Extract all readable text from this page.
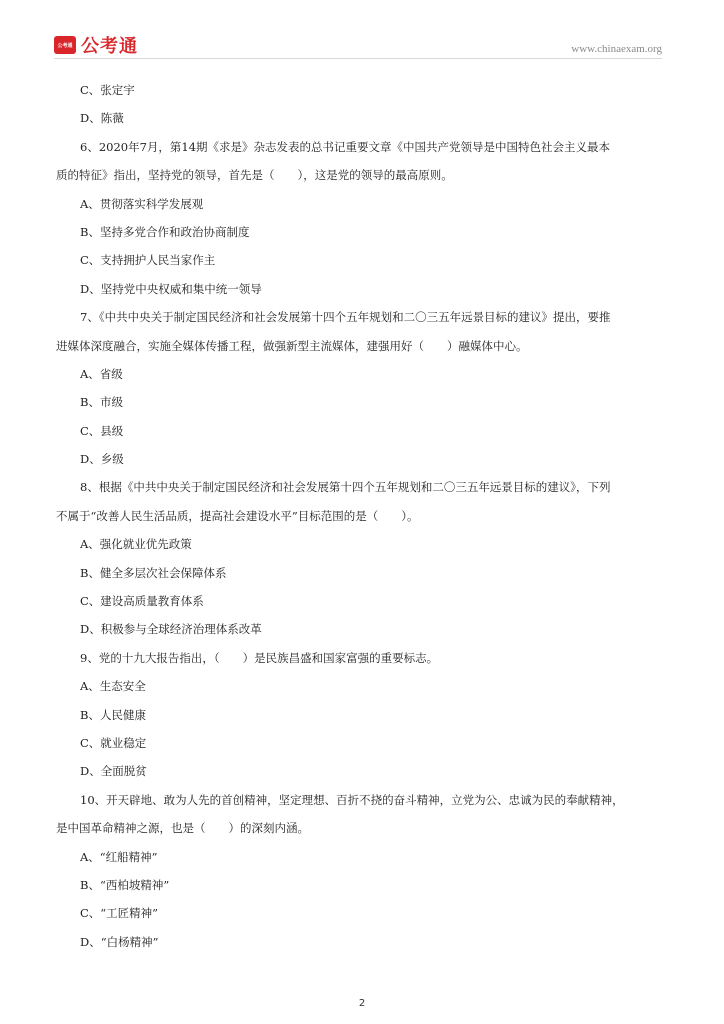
公考通 公考通	www.chinaexam.org
C、张定宇
D、陈薇
6、2020年7月，第14期《求是》杂志发表的总书记重要文章《中国共产党领导是中国特色社会主义最本
质的特征》指出，坚持党的领导，首先是（　　），这是党的领导的最高原则。
A、贯彻落实科学发展观
B、坚持多党合作和政治协商制度
C、支持拥护人民当家作主
D、坚持党中央权威和集中统一领导
7、《中共中央关于制定国民经济和社会发展第十四个五年规划和二〇三五年远景目标的建议》提出，要推
进媒体深度融合，实施全媒体传播工程，做强新型主流媒体，建强用好（　　）融媒体中心。
A、省级
B、市级
C、县级
D、乡级
8、根据《中共中央关于制定国民经济和社会发展第十四个五年规划和二〇三五年远景目标的建议》，下列
不属于“改善人民生活品质，提高社会建设水平”目标范围的是（　　）。
A、强化就业优先政策
B、健全多层次社会保障体系
C、建设高质量教育体系
D、积极参与全球经济治理体系改革
9、党的十九大报告指出，（　　）是民族昌盛和国家富强的重要标志。
A、生态安全
B、人民健康
C、就业稳定
D、全面脱贫
10、开天辟地、敢为人先的首创精神，坚定理想、百折不挠的奋斗精神，立党为公、忠诚为民的奉献精神，
是中国革命精神之源，也是（　　）的深刻内涵。
A、“红船精神”
B、“西柏坡精神”
C、“工匠精神”
D、“白杨精神”
2
